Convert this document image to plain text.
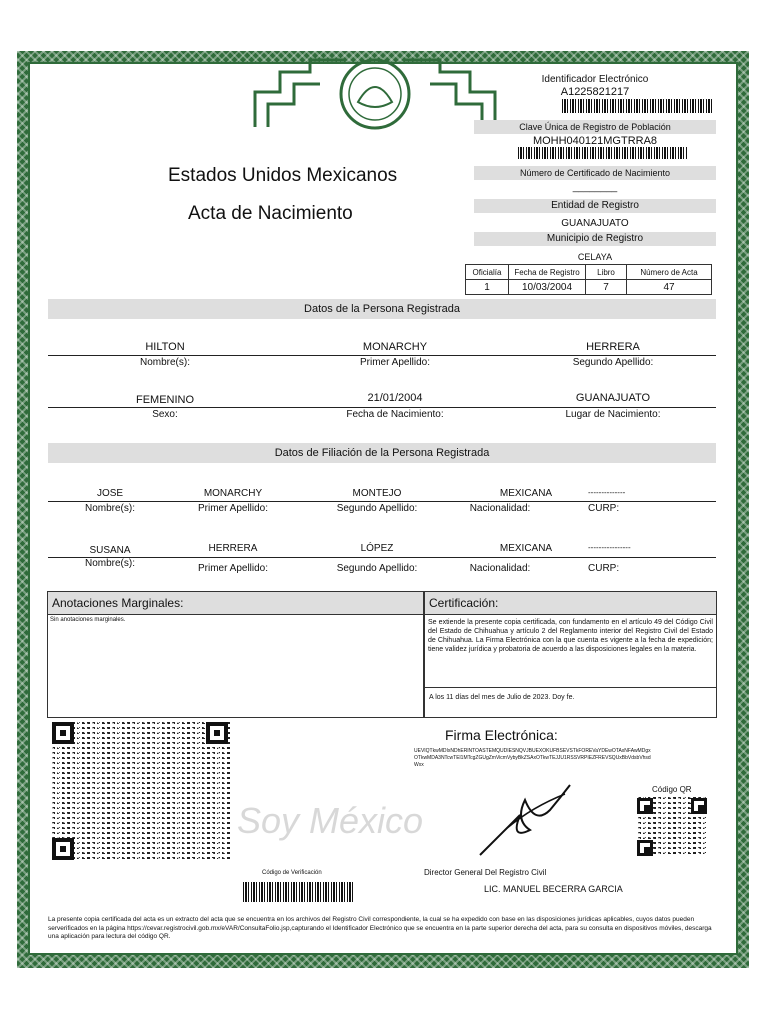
Estados Unidos Mexicanos
Acta de Nacimiento
Identificador Electrónico
A1225821217
Clave Única de Registro de Población
MOHH040121MGTRRA8
Número de Certificado de Nacimiento
________
Entidad de Registro
GUANAJUATO
Municipio de Registro
CELAYA
Oficialía	Fecha de Registro	Libro	Número de Acta
1	10/03/2004	7	47
Datos de la Persona Registrada
HILTON	MONARCHY	HERRERA
Nombre(s):	Primer Apellido:	Segundo Apellido:
FEMENINO	21/01/2004	GUANAJUATO
Sexo:	Fecha de Nacimiento:	Lugar de Nacimiento:
Datos de Filiación de la Persona Registrada
JOSE	MONARCHY	MONTEJO	MEXICANA	--------------
Nombre(s):	Primer Apellido:	Segundo Apellido:	Nacionalidad:	CURP:
SUSANA	HERRERA	LÓPEZ	MEXICANA	----------------
Nombre(s):	Primer Apellido:	Segundo Apellido:	Nacionalidad:	CURP:
Anotaciones Marginales:
Sin anotaciones marginales.
Certificación:
Se extiende la presente copia certificada, con fundamento en el artículo 49 del Código Civil del Estado de Chihuahua y artículo 2 del Reglamento interior del Registro Civil del Estado de Chihuahua. La Firma Electrónica con la que cuenta es vigente a la fecha de expedición; tiene validez jurídica y probatoria de acuerdo a las disposiciones legales en la materia.
A los 11 días del mes de Julio de 2023. Doy fe.
Soy México
Firma Electrónica:
UEVIQTkwMDIxNDhERlNTOASTEMQUDIESNQVJBUEXOKUFBSEVSTkFOREVaYDEwOTAxNFAwMDgxOTkwMDA3NTcwTEl1MTcgZGUgZmVicmVybyBkZSAxOTkwTEJJU1RSSVRPIEZFREVSQUxBbVdsbVhsdWxx
Código QR
Director General Del Registro Civil
LIC. MANUEL BECERRA GARCIA
Código de Verificación
La presente copia certificada del acta es un extracto del acta que se encuentra en los archivos del Registro Civil correspondiente, la cual se ha expedido con base en las disposiciones jurídicas aplicables, cuyos datos pueden serverificados en la página https://cevar.registrocivil.gob.mx/eVAR/ConsultaFolio.jsp,capturando el Identificador Electrónico que se encuentra en la parte superior derecha del acta, para su consulta en dispositivos móviles, descarga una aplicación para lectura del código QR.
